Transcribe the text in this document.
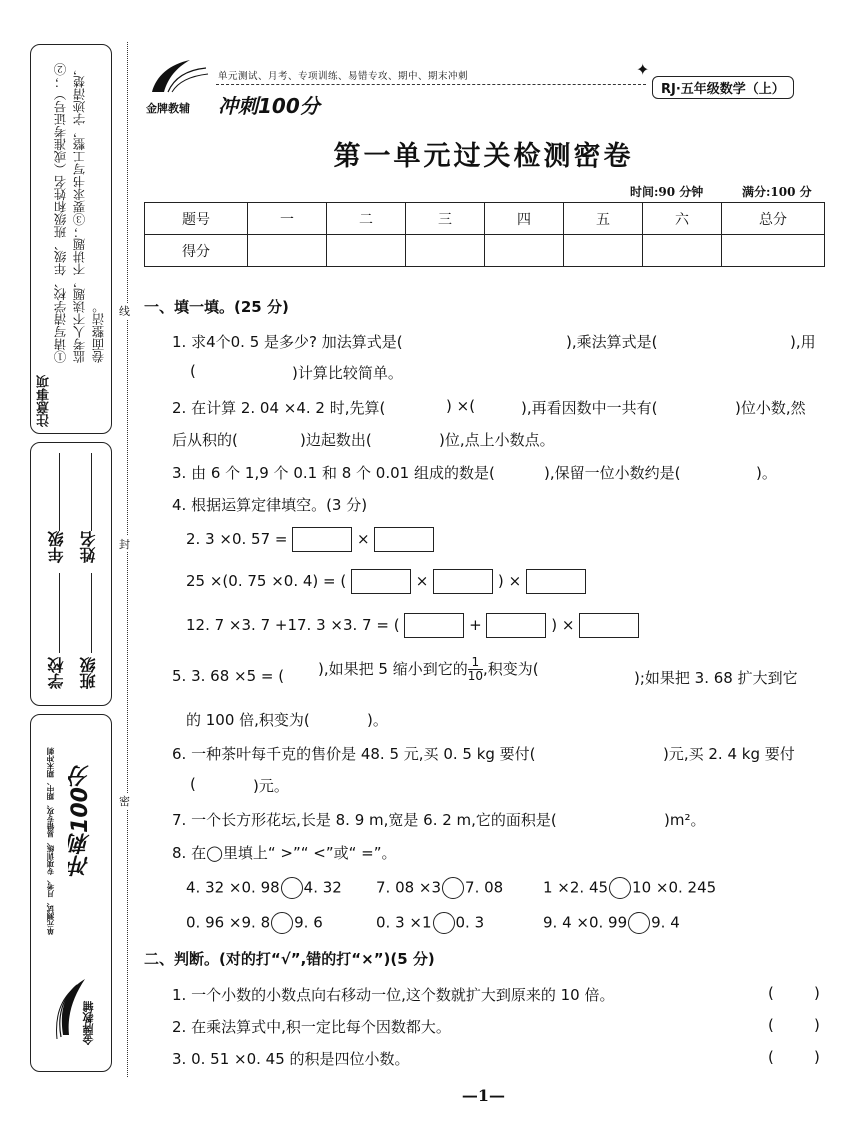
①请写清学校、年级、班级和姓名（或准考证号）；②监考人不读题，不讲题；③要求书写工整，字迹清楚，卷面整洁。
注意事项
姓名
年级
班级
学校
单元测试、月考、专项训练、易错专攻、期中、期末冲刺 冲刺100分
金牌教辅
线
封
密
金牌教辅
单元测试、月考、专项训练、易错专攻、期中、期末冲刺
冲刺100分
✦
RJ·五年级数学（上）
第一单元过关检测密卷
时间:90 分钟	满分:100 分
题号	一	二	三	四	五	六	总分
得分							
一、填一填。(25 分)
1. 求4个0. 5 是多少? 加法算式是(	),乘法算式是(	),用
(	)计算比较简单。
2. 在计算 2. 04 ×4. 2 时,先算(	) ×(	),再看因数中一共有(	)位小数,然
后从积的(	)边起数出(	)位,点上小数点。
3. 由 6 个 1,9 个 0.1 和 8 个 0.01 组成的数是(	),保留一位小数约是(	)。
4. 根据运算定律填空。(3 分)
2. 3 ×0. 57 =	×
25 ×(0. 75 ×0. 4) = (	×	) ×
12. 7 ×3. 7 +17. 3 ×3. 7 = (	+	) ×
5. 3. 68 ×5 = ( ),如果把 5 缩小到它的 $\frac{1}{10}$ ,积变为(	);如果把 3. 68 扩大到它
的 100 倍,积变为(	)。
6. 一种茶叶每千克的售价是 48. 5 元,买 0. 5 kg 要付(	)元,买 2. 4 kg 要付
(	)元。
7. 一个长方形花坛,长是 8. 9 m,宽是 6. 2 m,它的面积是(	)m²。
8. 在◯里填上“ >”“ <”或“ =”。
4. 32 ×0. 98 4. 32 7. 08 ×3 7. 08	1 ×2. 45 10 ×0. 245
0. 96 ×9. 8 9. 6	0. 3 ×1 0. 3	9. 4 ×0. 99 9. 4
二、判断。(对的打“√”,错的打“×”)(5 分)
1. 一个小数的小数点向右移动一位,这个数就扩大到原来的 10 倍。	(	)
2. 在乘法算式中,积一定比每个因数都大。	(	)
3. 0. 51 ×0. 45 的积是四位小数。	(	)
—1—
